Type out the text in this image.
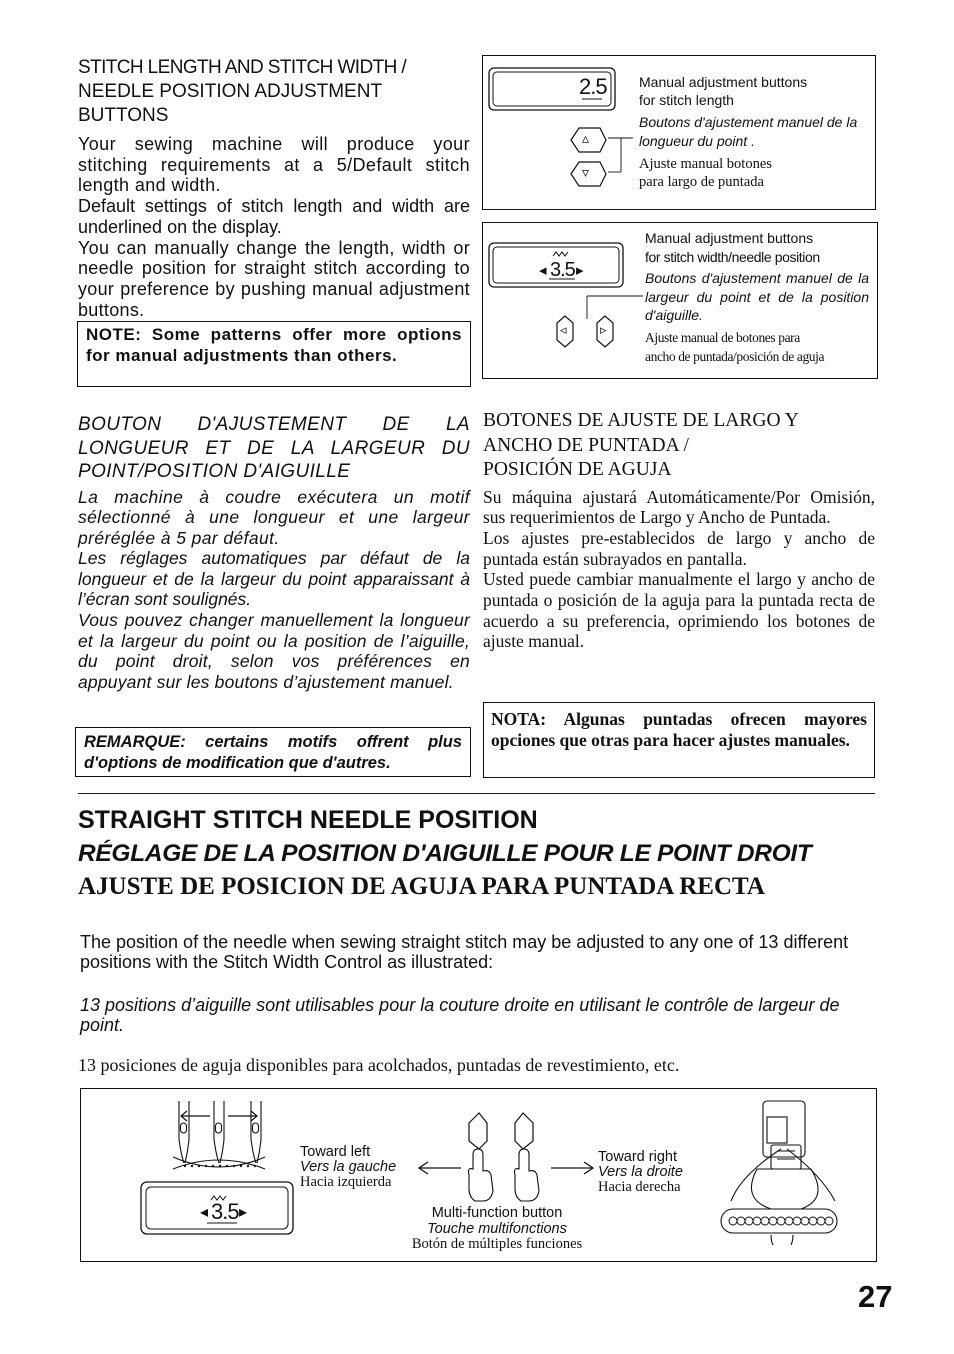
STITCH LENGTH AND STITCH WIDTH /
NEEDLE POSITION ADJUSTMENT BUTTONS
Your sewing machine will produce your stitching requirements at a 5/Default stitch length and width.
Default settings of stitch length and width are underlined on the display.
You can manually change the length, width or needle position for straight stitch according to your preference by pushing manual adjustment buttons.
NOTE: Some patterns offer more options for manual adjustments than others.
2.5
▵
▿
Manual adjustment buttons
for stitch length
Boutons d'ajustement manuel de la longueur du point .
Ajuste manual botones
para largo de puntada
3.5
◂ ▸
◃	▹
Manual adjustment buttons
for stitch width/needle position
Boutons d'ajustement manuel de la largeur du point et de la position d'aiguille.
Ajuste manual de botones para
ancho de puntada/posición de aguja
BOUTON D'AJUSTEMENT DE LA LONGUEUR ET DE LA LARGEUR DU POINT/POSITION D'AIGUILLE
La machine à coudre exécutera un motif sélectionné à une longueur et une largeur préréglée à 5 par défaut.
Les réglages automatiques par défaut de la longueur et de la largeur du point apparaissant à l’écran sont soulignés.
Vous pouvez changer manuellement la longueur et la largeur du point ou la position de l’aiguille, du point droit, selon vos préférences en appuyant sur les boutons d’ajustement manuel.
REMARQUE: certains motifs offrent plus d'options de modification que d'autres.
BOTONES DE AJUSTE DE LARGO Y
ANCHO DE PUNTADA /
POSICIÓN DE AGUJA
Su máquina ajustará Automáticamente/Por Omisión, sus requerimientos de Largo y Ancho de Puntada.
Los ajustes pre-establecidos de largo y ancho de puntada están subrayados en pantalla.
Usted puede cambiar manualmente el largo y ancho de puntada o posición de la aguja para la puntada recta de acuerdo a su preferencia, oprimiendo los botones de ajuste manual.
NOTA: Algunas puntadas ofrecen mayores opciones que otras para hacer ajustes manuales.
STRAIGHT STITCH NEEDLE POSITION
RÉGLAGE DE LA POSITION D'AIGUILLE POUR LE POINT DROIT
AJUSTE DE POSICION DE AGUJA PARA PUNTADA RECTA
The position of the needle when sewing straight stitch may be adjusted to any one of 13 different positions with the Stitch Width Control as illustrated:
13 positions d’aiguille sont utilisables pour la couture droite en utilisant le contrôle de largeur de point.
13 posiciones de aguja disponibles para acolchados, puntadas de revestimiento, etc.
3.5
◂ ▸
Toward left
Vers la gauche
Hacia izquierda
Toward right
Vers la droite
Hacia derecha
Multi-function button
Touche multifonctions
Botón de múltiples funciones
27
